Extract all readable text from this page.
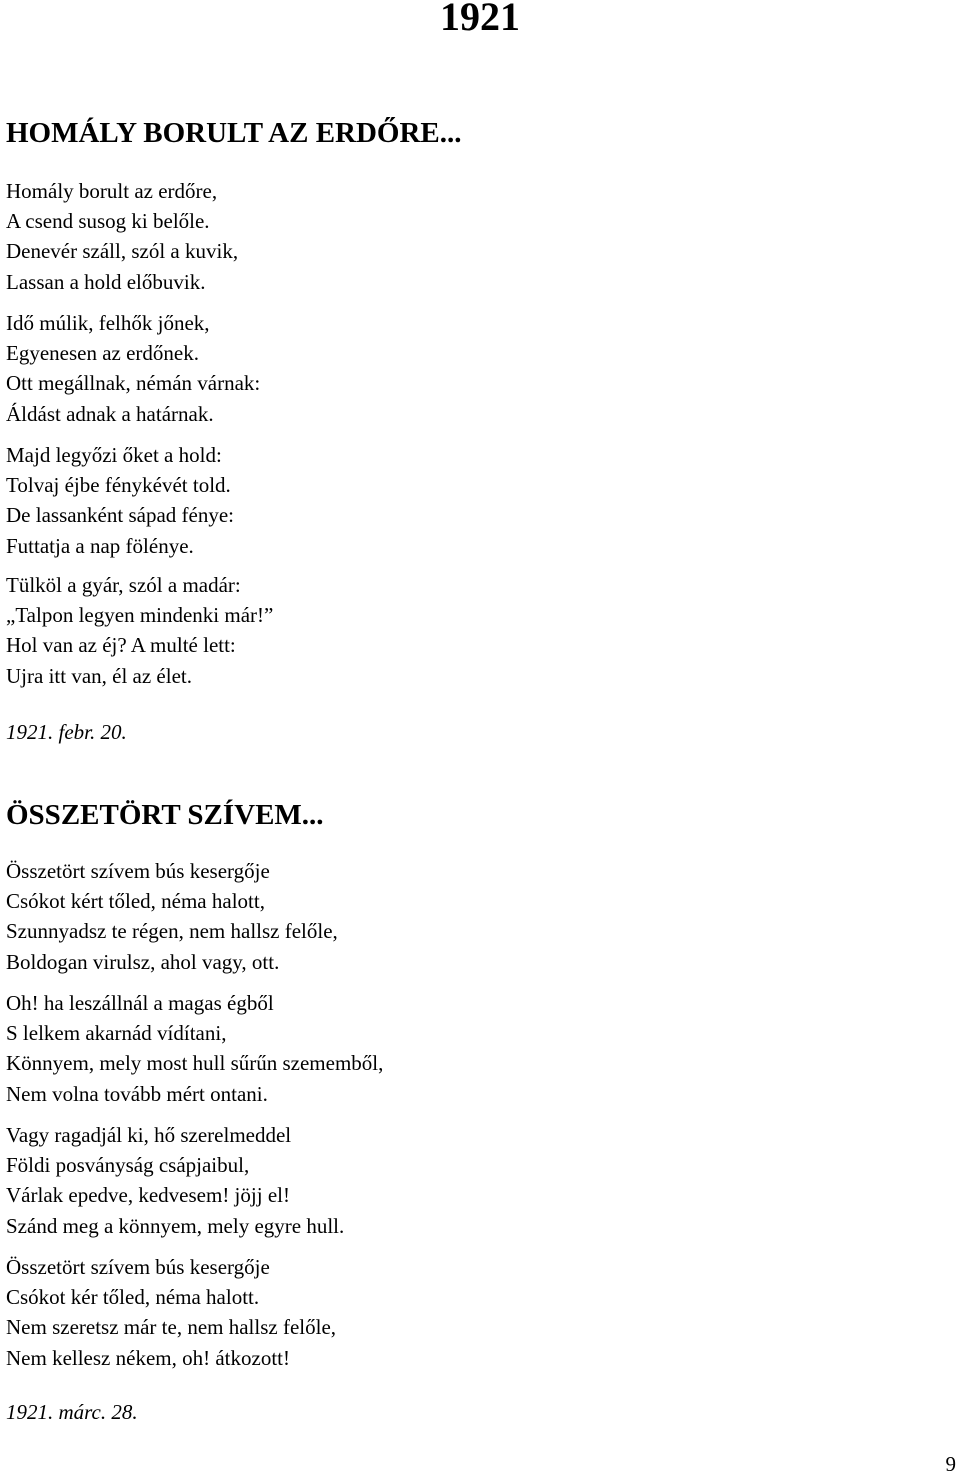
1921
HOMÁLY BORULT AZ ERDŐRE...
Homály borult az erdőre,
A csend susog ki belőle.
Denevér száll, szól a kuvik,
Lassan a hold előbuvik.
Idő múlik, felhők jőnek,
Egyenesen az erdőnek.
Ott megállnak, némán várnak:
Áldást adnak a határnak.
Majd legyőzi őket a hold:
Tolvaj éjbe fénykévét told.
De lassanként sápad fénye:
Futtatja a nap fölénye.
Tülköl a gyár, szól a madár:
„Talpon legyen mindenki már!”
Hol van az éj? A multé lett:
Ujra itt van, él az élet.

1921. febr. 20.

ÖSSZETÖRT SZÍVEM...
Összetört szívem bús kesergője
Csókot kért tőled, néma halott,
Szunnyadsz te régen, nem hallsz felőle,
Boldogan virulsz, ahol vagy, ott.
Oh! ha leszállnál a magas égből
S lelkem akarnád vídítani,
Könnyem, mely most hull sűrűn szememből,
Nem volna tovább mért ontani.
Vagy ragadjál ki, hő szerelmeddel
Földi posványság csápjaibul,
Várlak epedve, kedvesem! jöjj el!
Szánd meg a könnyem, mely egyre hull.
Összetört szívem bús kesergője
Csókot kér tőled, néma halott.
Nem szeretsz már te, nem hallsz felőle,
Nem kellesz nékem, oh! átkozott!

1921. márc. 28.

9
